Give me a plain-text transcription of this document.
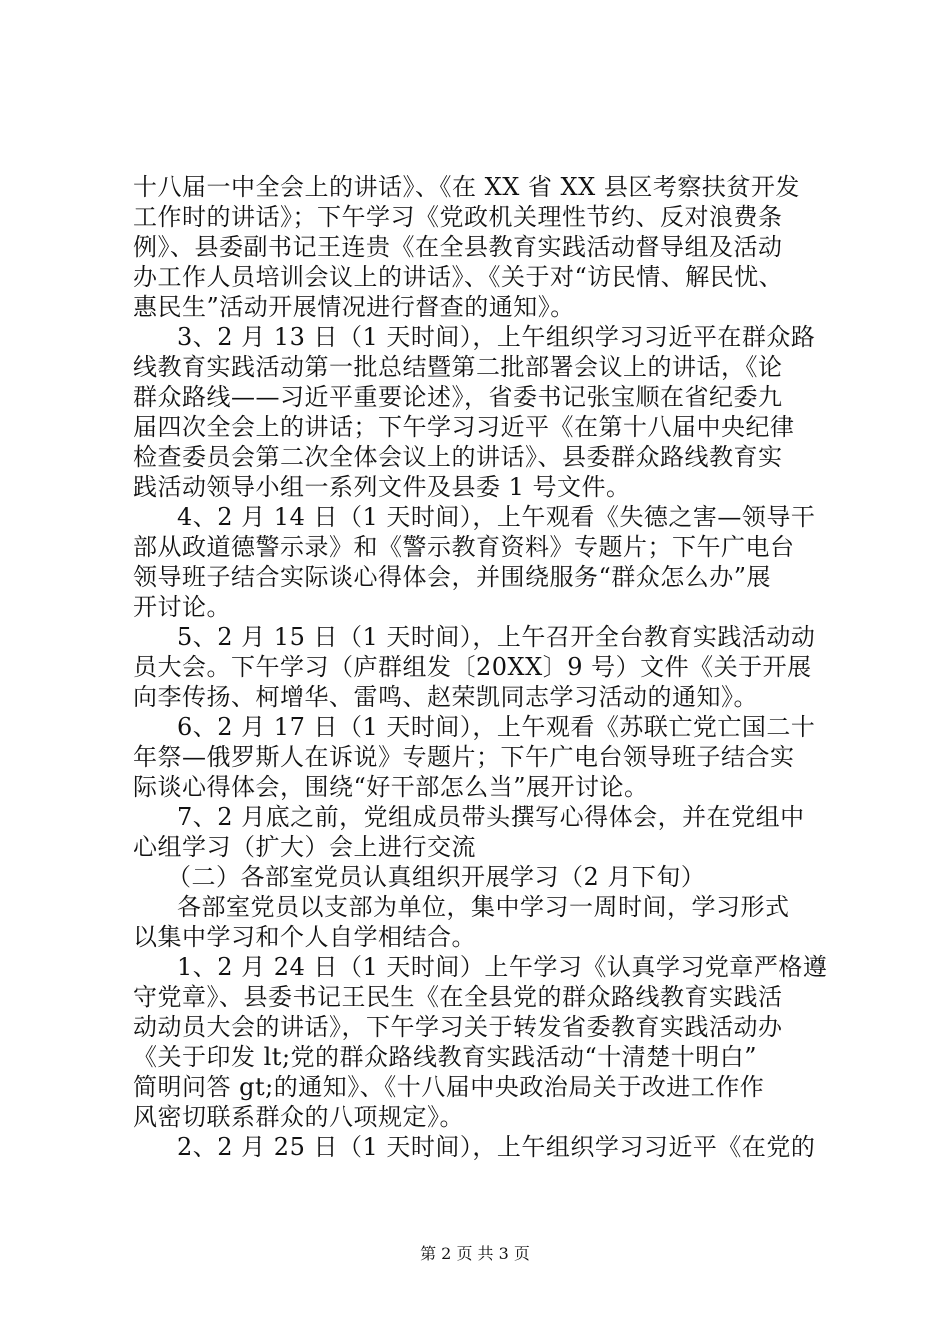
十八届一中全会上的讲话》、《在 XX 省 XX 县区考察扶贫开发
工作时的讲话》；下午学习《党政机关理性节约、反对浪费条
例》、县委副书记王连贵《在全县教育实践活动督导组及活动
办工作人员培训会议上的讲话》、《关于对“访民情、解民忧、
惠民生”活动开展情况进行督查的通知》。
3、2 月 13 日（1 天时间），上午组织学习习近平在群众路
线教育实践活动第一批总结暨第二批部署会议上的讲话，《论
群众路线——习近平重要论述》，省委书记张宝顺在省纪委九
届四次全会上的讲话；下午学习习近平《在第十八届中央纪律
检查委员会第二次全体会议上的讲话》、县委群众路线教育实
践活动领导小组一系列文件及县委 1 号文件。
4、2 月 14 日（1 天时间），上午观看《失德之害—领导干
部从政道德警示录》和《警示教育资料》专题片；下午广电台
领导班子结合实际谈心得体会，并围绕服务“群众怎么办”展
开讨论。
5、2 月 15 日（1 天时间），上午召开全台教育实践活动动
员大会。下午学习（庐群组发〔20XX〕9 号）文件《关于开展
向李传扬、柯增华、雷鸣、赵荣凯同志学习活动的通知》。
6、2 月 17 日（1 天时间），上午观看《苏联亡党亡国二十
年祭—俄罗斯人在诉说》专题片；下午广电台领导班子结合实
际谈心得体会，围绕“好干部怎么当”展开讨论。
7、2 月底之前，党组成员带头撰写心得体会，并在党组中
心组学习（扩大）会上进行交流
（二）各部室党员认真组织开展学习（2 月下旬）
各部室党员以支部为单位，集中学习一周时间，学习形式
以集中学习和个人自学相结合。
1、2 月 24 日（1 天时间）上午学习《认真学习党章严格遵
守党章》、县委书记王民生《在全县党的群众路线教育实践活
动动员大会的讲话》，下午学习关于转发省委教育实践活动办
《关于印发 lt;党的群众路线教育实践活动“十清楚十明白”
简明问答 gt;的通知》、《十八届中央政治局关于改进工作作
风密切联系群众的八项规定》。
2、2 月 25 日（1 天时间），上午组织学习习近平《在党的
第 2 页 共 3 页
